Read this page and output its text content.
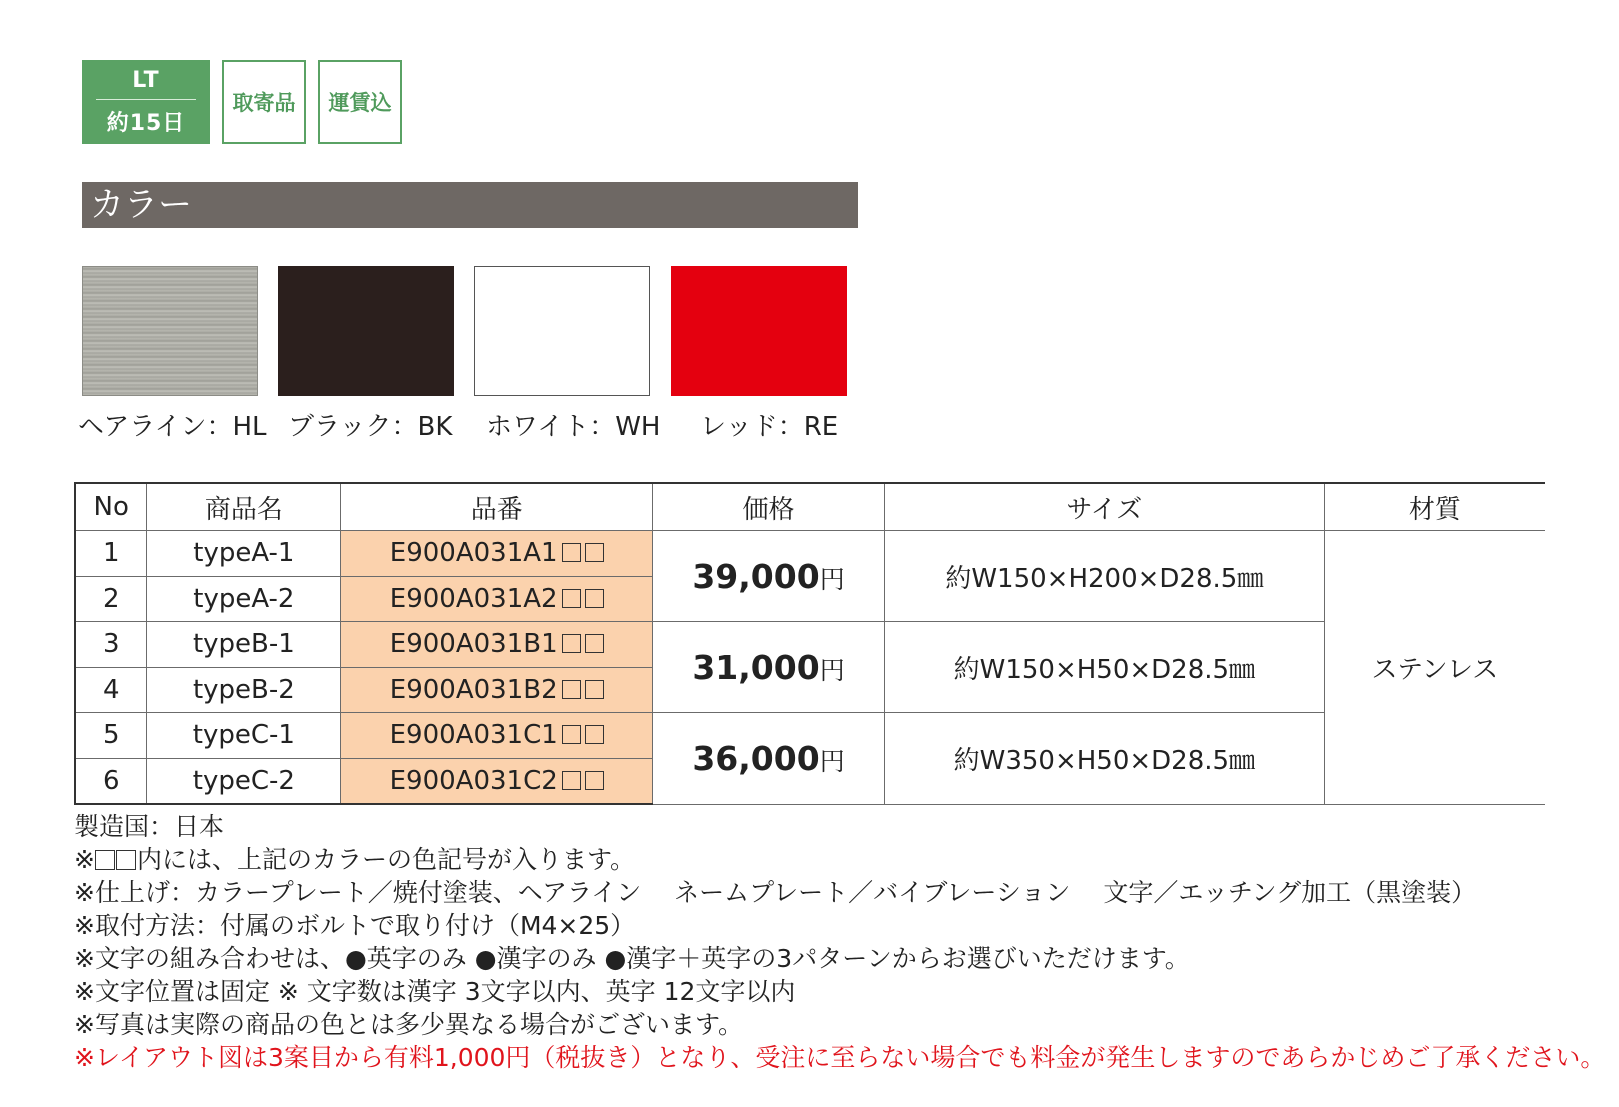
LT
約15日
取寄品	運賃込
カラー
ヘアライン：HL ブラック：BK ホワイト：WH レッド：RE
No	商品名	品番	価格	サイズ	材質
1	typeA-1	E900A031A1	39,000円	約W150×H200×D28.5㎜	ステンレス
2	typeA-2	E900A031A2			
3	typeB-1	E900A031B1	31,000円	約W150×H50×D28.5㎜	
4	typeB-2	E900A031B2			
5	typeC-1	E900A031C1	36,000円	約W350×H50×D28.5㎜	
6	typeC-2	E900A031C2			
製造国：日本
※ 内には、上記のカラーの色記号が入ります。
※仕上げ：カラープレート／焼付塗装、ヘアライン　 ネームプレート／バイブレーション　 文字／エッチング加工（黒塗装）
※取付方法：付属のボルトで取り付け（M4×25）
※文字の組み合わせは、●英字のみ ●漢字のみ ●漢字＋英字の3パターンからお選びいただけます。
※文字位置は固定 ※ 文字数は漢字 3文字以内、英字 12文字以内
※写真は実際の商品の色とは多少異なる場合がございます。
※レイアウト図は3案目から有料1,000円（税抜き）となり、受注に至らない場合でも料金が発生しますのであらかじめご了承ください。
